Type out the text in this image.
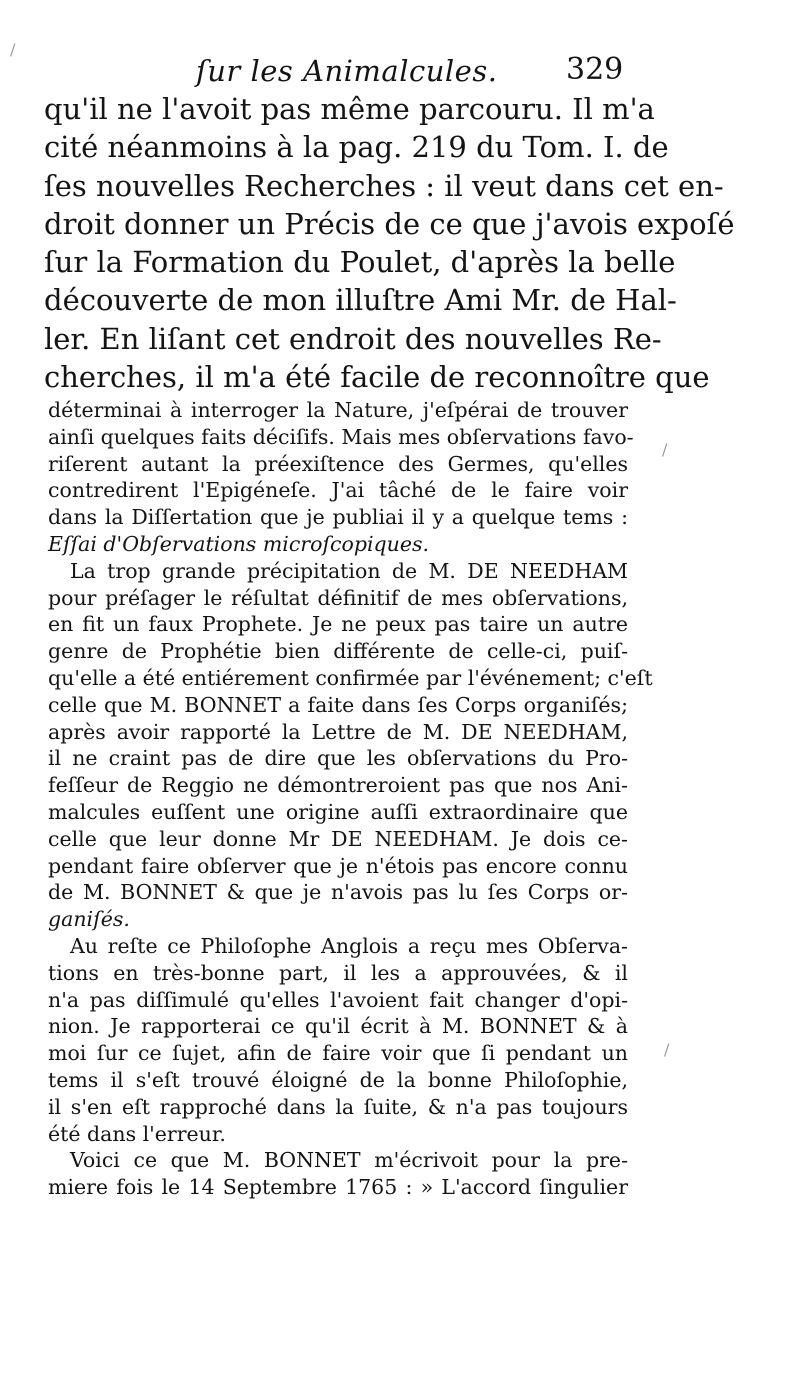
ſur les Animalcules. 329
qu'il ne l'avoit pas même parcouru. Il m'a
cité néanmoins à la pag. 219 du Tom. I. de
ſes nouvelles Recherches : il veut dans cet en-
droit donner un Précis de ce que j'avois expoſé
ſur la Formation du Poulet, d'après la belle
découverte de mon illuſtre Ami Mr. de Hal-
ler. En liſant cet endroit des nouvelles Re-
cherches, il m'a été facile de reconnoître que
déterminai à interroger la Nature, j'eſpérai de trouver
ainſi quelques faits déciſifs. Mais mes obſervations favo-
riſerent autant la préexiſtence des Germes, qu'elles
contredirent l'Epigéneſe. J'ai tâché de le faire voir
dans la Diſſertation que je publiai il y a quelque tems :
Eſſai d'Obſervations microſcopiques.
La trop grande précipitation de M. DE NEEDHAM
pour préſager le réſultat définitif de mes obſervations,
en fit un faux Prophete. Je ne peux pas taire un autre
genre de Prophétie bien différente de celle-ci, puiſ-
qu'elle a été entiérement confirmée par l'événement; c'eſt
celle que M. BONNET a faite dans ſes Corps organiſés;
après avoir rapporté la Lettre de M. DE NEEDHAM,
il ne craint pas de dire que les obſervations du Pro-
feſſeur de Reggio ne démontreroient pas que nos Ani-
malcules euſſent une origine auſſi extraordinaire que
celle que leur donne Mr DE NEEDHAM. Je dois ce-
pendant faire obſerver que je n'étois pas encore connu
de M. BONNET & que je n'avois pas lu ſes Corps or-
ganiſés.
Au reſte ce Philoſophe Anglois a reçu mes Obſerva-
tions en très-bonne part, il les a approuvées, & il
n'a pas diſſimulé qu'elles l'avoient fait changer d'opi-
nion. Je rapporterai ce qu'il écrit à M. BONNET & à
moi ſur ce ſujet, afin de faire voir que ſi pendant un
tems il s'eſt trouvé éloigné de la bonne Philoſophie,
il s'en eſt rapproché dans la ſuite, & n'a pas toujours
été dans l'erreur.
Voici ce que M. BONNET m'écrivoit pour la pre-
miere fois le 14 Septembre 1765 : » L'accord ſingulier
/
/
/
